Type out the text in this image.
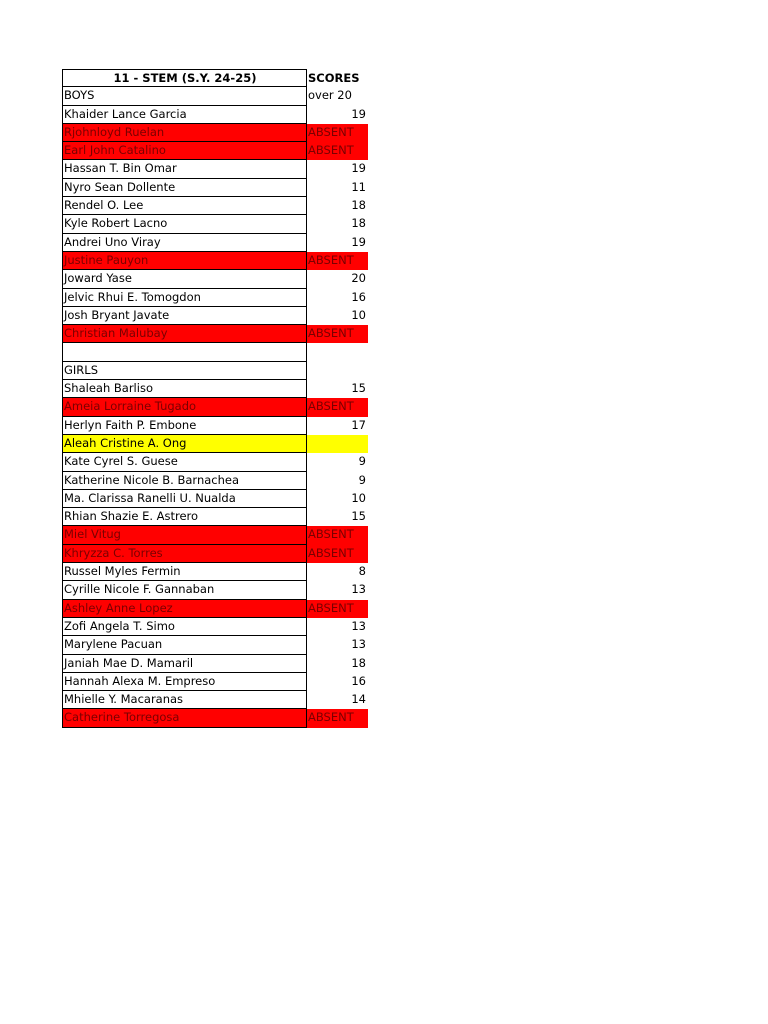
11 - STEM (S.Y. 24-25)	SCORES
BOYS	over 20
Khaider Lance Garcia	19
Rjohnloyd Ruelan	ABSENT
Earl John Catalino	ABSENT
Hassan T. Bin Omar	19
Nyro Sean Dollente	11
Rendel O. Lee	18
Kyle Robert Lacno	18
Andrei Uno Viray	19
Justine Pauyon	ABSENT
Joward Yase	20
Jelvic Rhui E. Tomogdon	16
Josh Bryant Javate	10
Christian Malubay	ABSENT
GIRLS
Shaleah Barliso	15
Ameia Lorraine Tugado	ABSENT
Herlyn Faith P. Embone	17
Aleah Cristine A. Ong
Kate Cyrel S. Guese	9
Katherine Nicole B. Barnachea	9
Ma. Clarissa Ranelli U. Nualda	10
Rhian Shazie E. Astrero	15
Miel Vitug	ABSENT
Khryzza C. Torres	ABSENT
Russel Myles Fermin	8
Cyrille Nicole F. Gannaban	13
Ashley Anne Lopez	ABSENT
Zofi Angela T. Simo	13
Marylene Pacuan	13
Janiah Mae D. Mamaril	18
Hannah Alexa M. Empreso	16
Mhielle Y. Macaranas	14
Catherine Torregosa	ABSENT
